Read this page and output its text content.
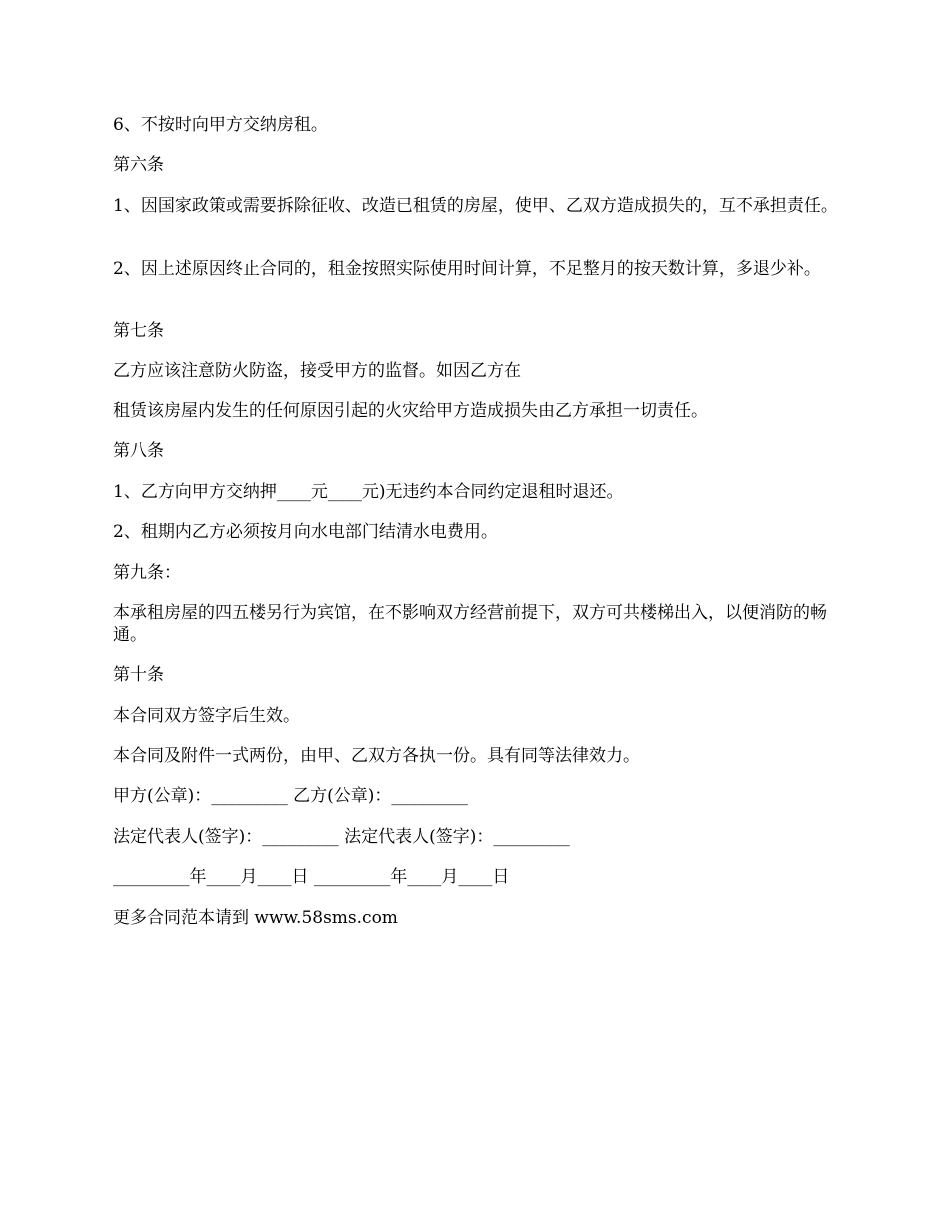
6、不按时向甲方交纳房租。
第六条
1、因国家政策或需要拆除征收、改造已租赁的房屋，使甲、乙双方造成损失的，互不承担责任。
2、因上述原因终止合同的，租金按照实际使用时间计算，不足整月的按天数计算，多退少补。
第七条
乙方应该注意防火防盗，接受甲方的监督。如因乙方在
租赁该房屋内发生的任何原因引起的火灾给甲方造成损失由乙方承担一切责任。
第八条
1、乙方向甲方交纳押____元____元)无违约本合同约定退租时退还。
2、租期内乙方必须按月向水电部门结清水电费用。
第九条：
本承租房屋的四五楼另行为宾馆，在不影响双方经营前提下，双方可共楼梯出入，以便消防的畅通。
第十条
本合同双方签字后生效。
本合同及附件一式两份，由甲、乙双方各执一份。具有同等法律效力。
甲方(公章)：_________ 乙方(公章)：_________
法定代表人(签字)：_________ 法定代表人(签字)：_________
_________年____月____日 _________年____月____日
更多合同范本请到 www.58sms.com
